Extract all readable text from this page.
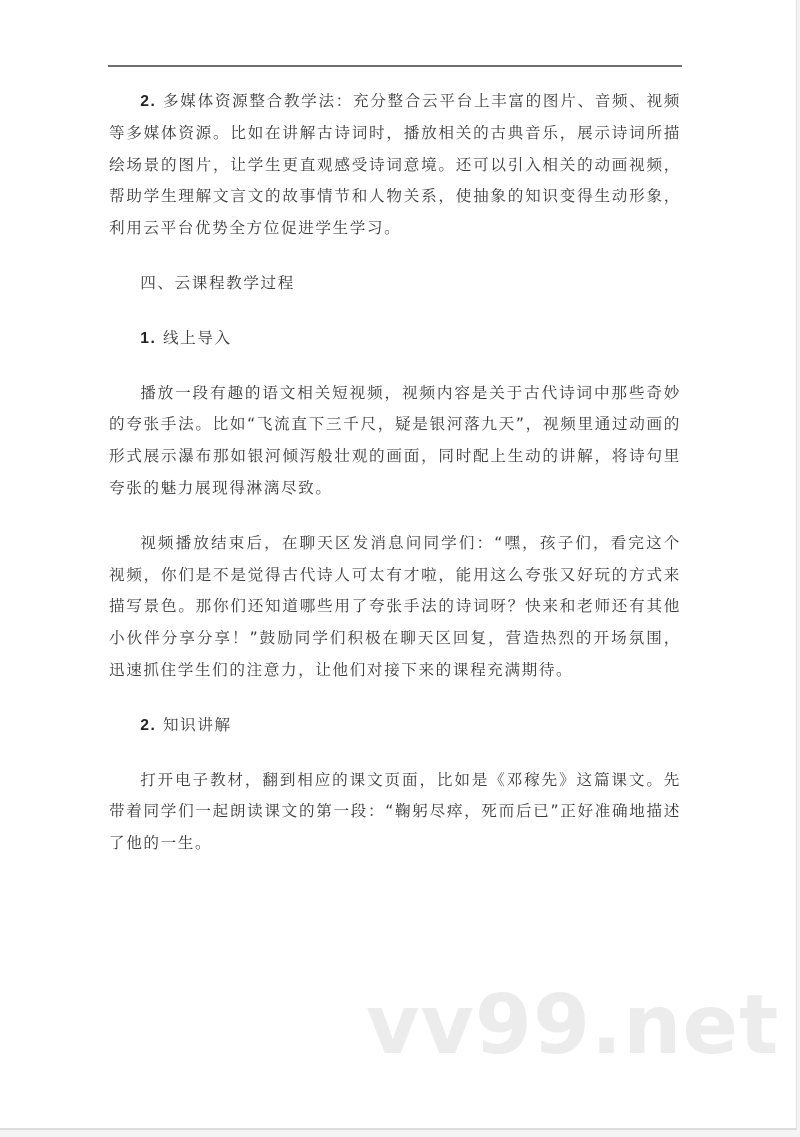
2. 多媒体资源整合教学法：充分整合云平台上丰富的图片、音频、视频等多媒体资源。比如在讲解古诗词时，播放相关的古典音乐，展示诗词所描绘场景的图片，让学生更直观感受诗词意境。还可以引入相关的动画视频，帮助学生理解文言文的故事情节和人物关系，使抽象的知识变得生动形象，利用云平台优势全方位促进学生学习。

四、云课程教学过程

1. 线上导入

播放一段有趣的语文相关短视频，视频内容是关于古代诗词中那些奇妙的夸张手法。比如“飞流直下三千尺，疑是银河落九天”，视频里通过动画的形式展示瀑布那如银河倾泻般壮观的画面，同时配上生动的讲解，将诗句里夸张的魅力展现得淋漓尽致。

视频播放结束后，在聊天区发消息问同学们：“嘿，孩子们，看完这个视频，你们是不是觉得古代诗人可太有才啦，能用这么夸张又好玩的方式来描写景色。那你们还知道哪些用了夸张手法的诗词呀？快来和老师还有其他小伙伴分享分享！”鼓励同学们积极在聊天区回复，营造热烈的开场氛围，迅速抓住学生们的注意力，让他们对接下来的课程充满期待。

2. 知识讲解

打开电子教材，翻到相应的课文页面，比如是《邓稼先》这篇课文。先带着同学们一起朗读课文的第一段：“鞠躬尽瘁，死而后已”正好准确地描述了他的一生。

vv99.net
